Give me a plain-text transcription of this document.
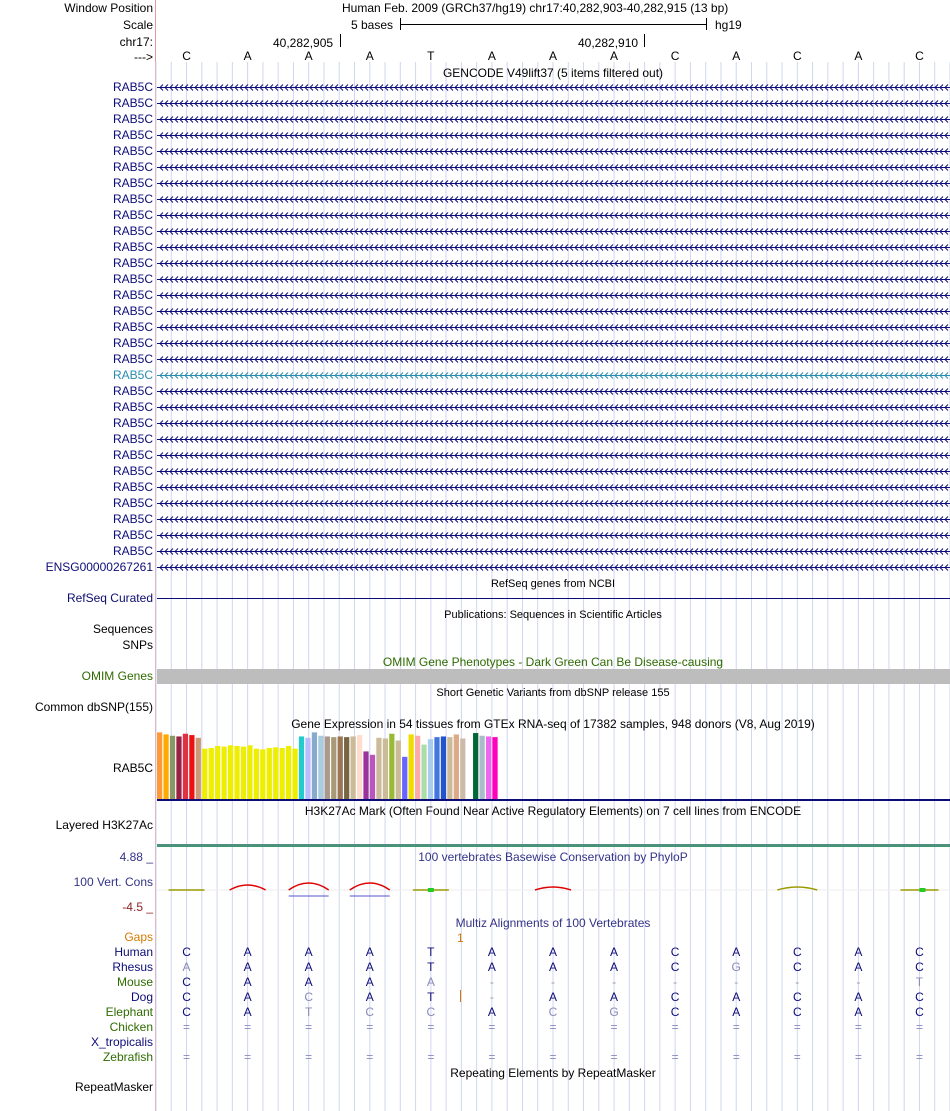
Window Position	Human Feb. 2009 (GRCh37/hg19) chr17:40,282,903-40,282,915 (13 bp)
Scale	5 bases	hg19
chr17:	40,282,905	40,282,910
--->	C	A	A	A	T	A	A	A	C	A	C	A	C
GENCODE V49lift37 (5 items filtered out)
RAB5C
RAB5C
RAB5C
RAB5C
RAB5C
RAB5C
RAB5C
RAB5C
RAB5C
RAB5C
RAB5C
RAB5C
RAB5C
RAB5C
RAB5C
RAB5C
RAB5C
RAB5C
RAB5C
RAB5C
RAB5C
RAB5C
RAB5C
RAB5C
RAB5C
RAB5C
RAB5C
RAB5C
RAB5C
RAB5C
ENSG00000267261
RefSeq genes from NCBI
RefSeq Curated
Publications: Sequences in Scientific Articles
Sequences
SNPs
OMIM Gene Phenotypes - Dark Green Can Be Disease-causing
OMIM Genes
Short Genetic Variants from dbSNP release 155
Common dbSNP(155)
Gene Expression in 54 tissues from GTEx RNA-seq of 17382 samples, 948 donors (V8, Aug 2019)
RAB5C
H3K27Ac Mark (Often Found Near Active Regulatory Elements) on 7 cell lines from ENCODE
Layered H3K27Ac
100 vertebrates Basewise Conservation by PhyloP
4.88 _
100 Vert. Cons
-4.5 _
Multiz Alignments of 100 Vertebrates
Gaps	1
Human	C	A	A	A	T	A	A	A	C	A	C	A	C
Rhesus	A	A	A	A	T	A	A	A	C	G	C	A	C
Mouse	C	A	A	A	A	-	-	-	-	-	-	-	T
Dog	C	A	C	A	T	-	A	A	C	A	C	A	C
Elephant	C	A	T	C	C	A	C	G	C	A	C	A	C
Chicken	=	=	=	=	=	=	=	=	=	=	=	=	=
X_tropicalis
Zebrafish	=	=	=	=	=	=	=	=	=	=	=	=	=
Repeating Elements by RepeatMasker
RepeatMasker
